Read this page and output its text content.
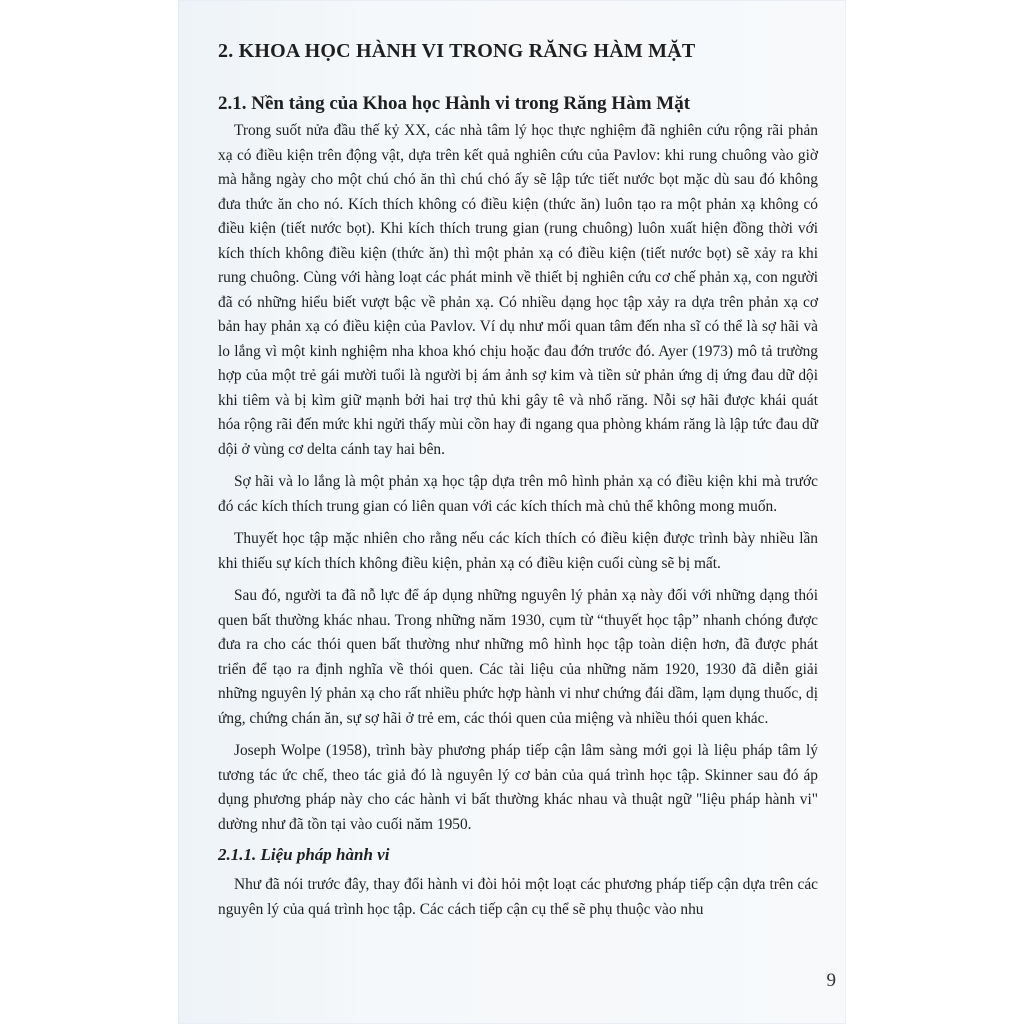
2. KHOA HỌC HÀNH VI TRONG RĂNG HÀM MẶT
2.1. Nền tảng của Khoa học Hành vi trong Răng Hàm Mặt

Trong suốt nửa đầu thế kỷ XX, các nhà tâm lý học thực nghiệm đã nghiên cứu rộng rãi phản xạ có điều kiện trên động vật, dựa trên kết quả nghiên cứu của Pavlov: khi rung chuông vào giờ mà hằng ngày cho một chú chó ăn thì chú chó ấy sẽ lập tức tiết nước bọt mặc dù sau đó không đưa thức ăn cho nó. Kích thích không có điều kiện (thức ăn) luôn tạo ra một phản xạ không có điều kiện (tiết nước bọt). Khi kích thích trung gian (rung chuông) luôn xuất hiện đồng thời với kích thích không điều kiện (thức ăn) thì một phản xạ có điều kiện (tiết nước bọt) sẽ xảy ra khi rung chuông. Cùng với hàng loạt các phát minh về thiết bị nghiên cứu cơ chế phản xạ, con người đã có những hiểu biết vượt bậc về phản xạ. Có nhiều dạng học tập xảy ra dựa trên phản xạ cơ bản hay phản xạ có điều kiện của Pavlov. Ví dụ như mối quan tâm đến nha sĩ có thể là sợ hãi và lo lắng vì một kinh nghiệm nha khoa khó chịu hoặc đau đớn trước đó. Ayer (1973) mô tả trường hợp của một trẻ gái mười tuổi là người bị ám ảnh sợ kim và tiền sử phản ứng dị ứng đau dữ dội khi tiêm và bị kìm giữ mạnh bởi hai trợ thủ khi gây tê và nhổ răng. Nỗi sợ hãi được khái quát hóa rộng rãi đến mức khi ngửi thấy mùi cồn hay đi ngang qua phòng khám răng là lập tức đau dữ dội ở vùng cơ delta cánh tay hai bên.

Sợ hãi và lo lắng là một phản xạ học tập dựa trên mô hình phản xạ có điều kiện khi mà trước đó các kích thích trung gian có liên quan với các kích thích mà chủ thể không mong muốn.

Thuyết học tập mặc nhiên cho rằng nếu các kích thích có điều kiện được trình bày nhiều lần khi thiếu sự kích thích không điều kiện, phản xạ có điều kiện cuối cùng sẽ bị mất.

Sau đó, người ta đã nỗ lực để áp dụng những nguyên lý phản xạ này đối với những dạng thói quen bất thường khác nhau. Trong những năm 1930, cụm từ “thuyết học tập” nhanh chóng được đưa ra cho các thói quen bất thường như những mô hình học tập toàn diện hơn, đã được phát triển để tạo ra định nghĩa về thói quen. Các tài liệu của những năm 1920, 1930 đã diễn giải những nguyên lý phản xạ cho rất nhiều phức hợp hành vi như chứng đái dầm, lạm dụng thuốc, dị ứng, chứng chán ăn, sự sợ hãi ở trẻ em, các thói quen của miệng và nhiều thói quen khác.

Joseph Wolpe (1958), trình bày phương pháp tiếp cận lâm sàng mới gọi là liệu pháp tâm lý tương tác ức chế, theo tác giả đó là nguyên lý cơ bản của quá trình học tập. Skinner sau đó áp dụng phương pháp này cho các hành vi bất thường khác nhau và thuật ngữ "liệu pháp hành vi" dường như đã tồn tại vào cuối năm 1950.

2.1.1. Liệu pháp hành vi

Như đã nói trước đây, thay đổi hành vi đòi hỏi một loạt các phương pháp tiếp cận dựa trên các nguyên lý của quá trình học tập. Các cách tiếp cận cụ thể sẽ phụ thuộc vào nhu

9
